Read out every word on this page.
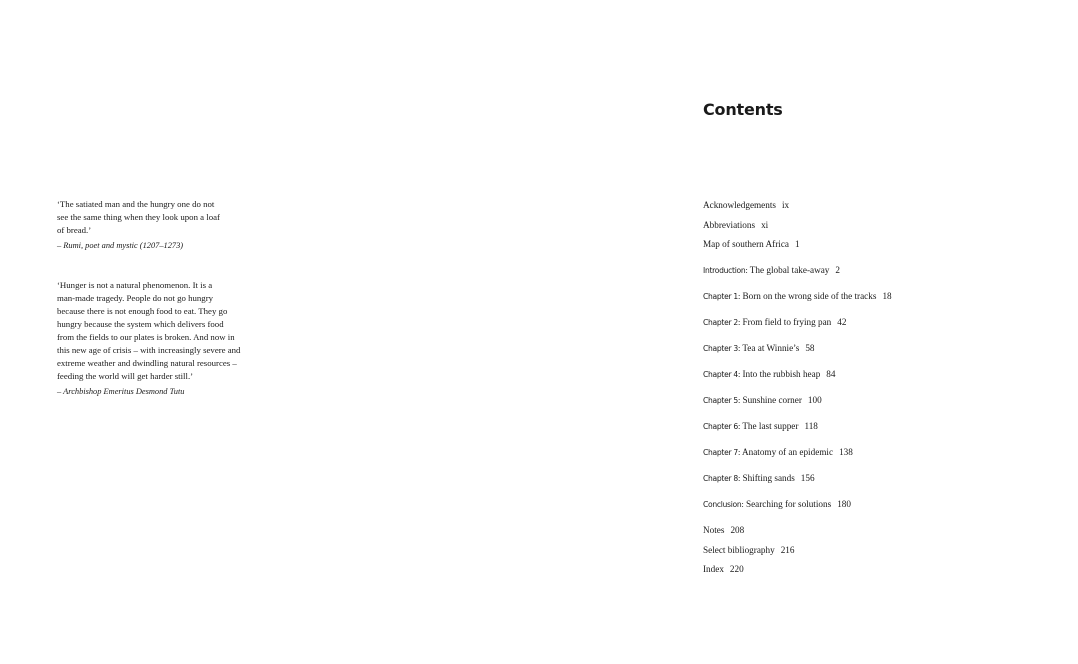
‘The satiated man and the hungry one do not
see the same thing when they look upon a loaf
of bread.’

– Rumi, poet and mystic (1207–1273)

‘Hunger is not a natural phenomenon. It is a
man-made tragedy. People do not go hungry
because there is not enough food to eat. They go
hungry because the system which delivers food
from the fields to our plates is broken. And now in
this new age of crisis – with increasingly severe and
extreme weather and dwindling natural resources –
feeding the world will get harder still.’

– Archbishop Emeritus Desmond Tutu

Contents
Acknowledgements ix
Abbreviations xi
Map of southern Africa 1
Introduction: The global take-away 2
Chapter 1: Born on the wrong side of the tracks 18
Chapter 2: From field to frying pan 42
Chapter 3: Tea at Winnie’s 58
Chapter 4: Into the rubbish heap 84
Chapter 5: Sunshine corner 100
Chapter 6: The last supper 118
Chapter 7: Anatomy of an epidemic 138
Chapter 8: Shifting sands 156
Conclusion: Searching for solutions 180
Notes 208
Select bibliography 216
Index 220
